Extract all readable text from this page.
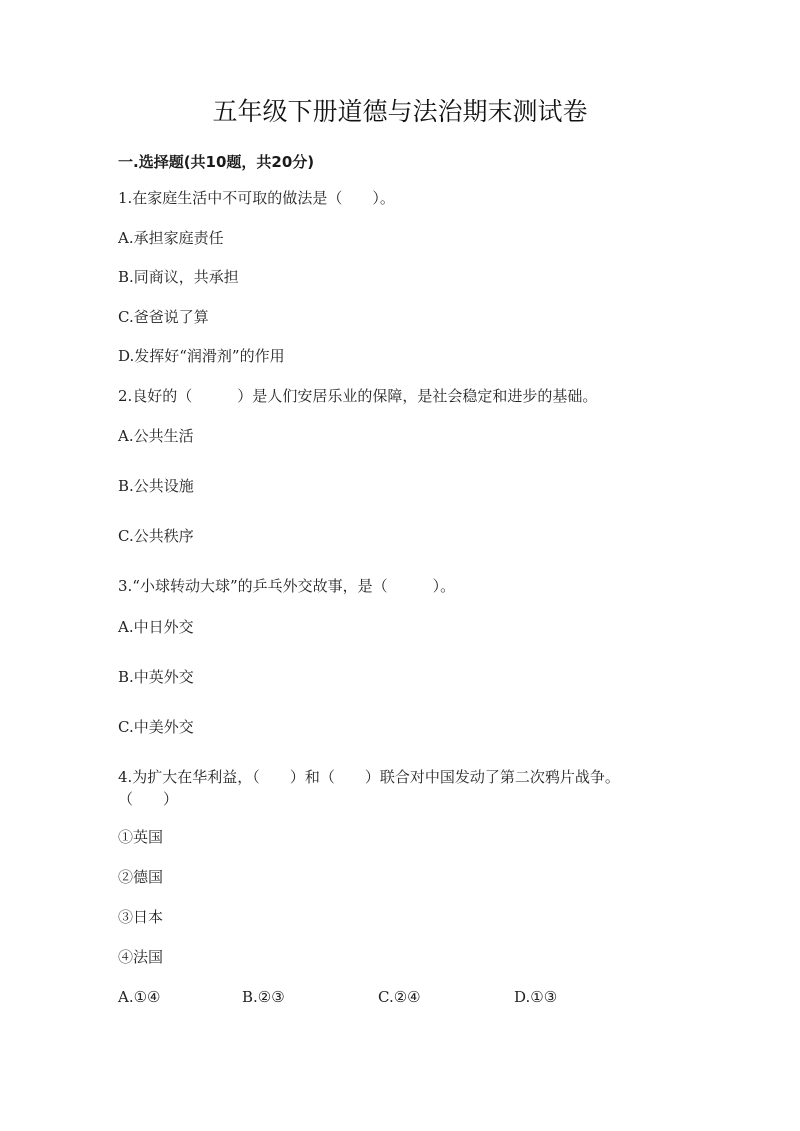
五年级下册道德与法治期末测试卷
一.选择题(共10题，共20分)
1.在家庭生活中不可取的做法是（　　）。
A.承担家庭责任
B.同商议，共承担
C.爸爸说了算
D.发挥好“润滑剂”的作用
2.良好的（　　　）是人们安居乐业的保障，是社会稳定和进步的基础。
A.公共生活
B.公共设施
C.公共秩序
3.“小球转动大球”的乒乓外交故事，是（　　　）。
A.中日外交
B.中英外交
C.中美外交
4.为扩大在华利益，（　　）和（　　）联合对中国发动了第二次鸦片战争。（　　）
①英国
②德国
③日本
④法国
A.①④	B.②③	C.②④	D.①③
